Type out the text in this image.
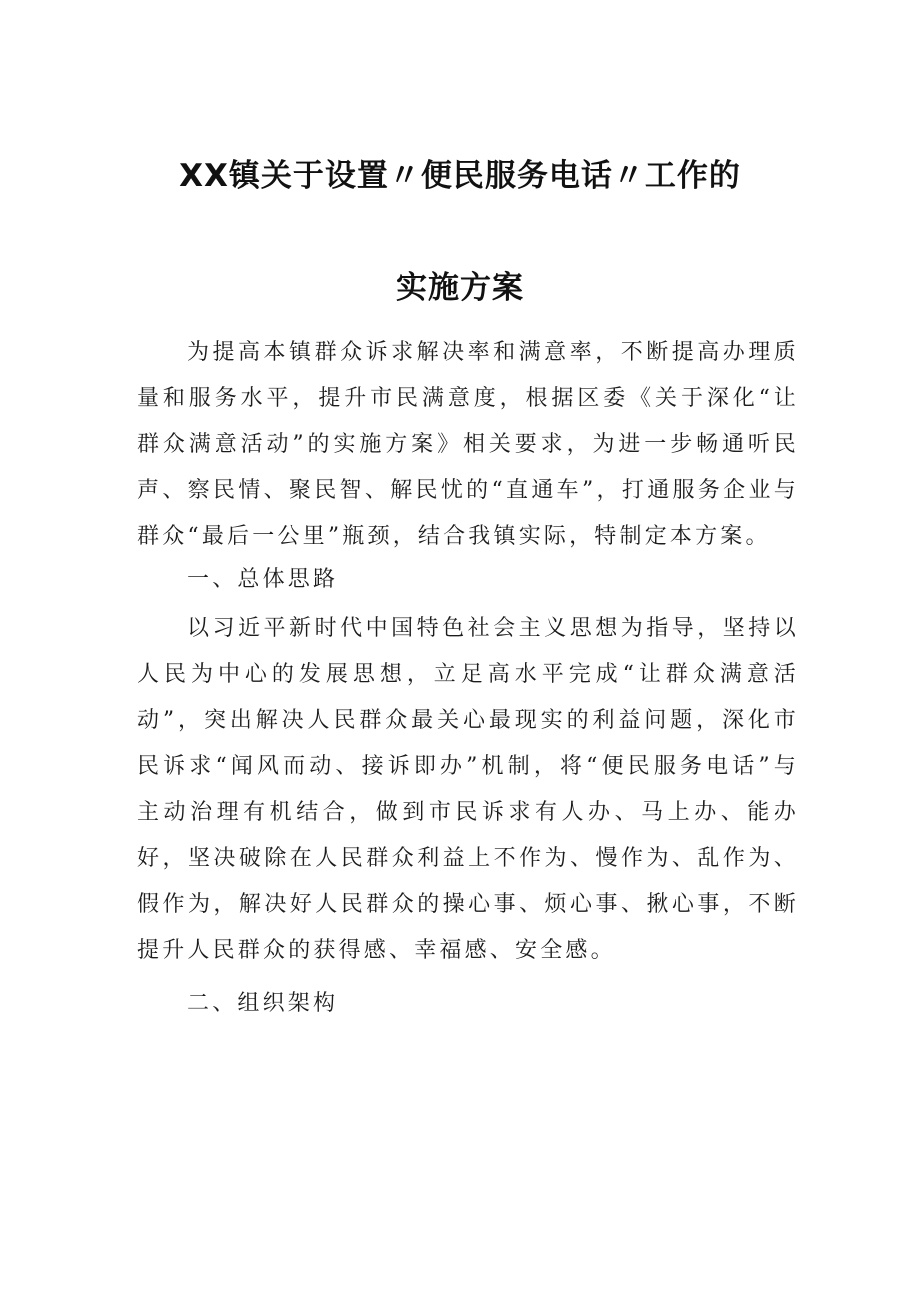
XX镇关于设置〃便民服务电话〃工作的
实施方案

为提高本镇群众诉求解决率和满意率，不断提高办理质量和服务水平，提升市民满意度，根据区委《关于深化“让群众满意活动”的实施方案》相关要求，为进一步畅通听民声、察民情、聚民智、解民忧的“直通车”，打通服务企业与群众“最后一公里”瓶颈，结合我镇实际，特制定本方案。

一、总体思路

以习近平新时代中国特色社会主义思想为指导，坚持以人民为中心的发展思想，立足高水平完成“让群众满意活动”，突出解决人民群众最关心最现实的利益问题，深化市民诉求“闻风而动、接诉即办”机制，将“便民服务电话”与主动治理有机结合，做到市民诉求有人办、马上办、能办好，坚决破除在人民群众利益上不作为、慢作为、乱作为、假作为，解决好人民群众的操心事、烦心事、揪心事，不断提升人民群众的获得感、幸福感、安全感。

二、组织架构
